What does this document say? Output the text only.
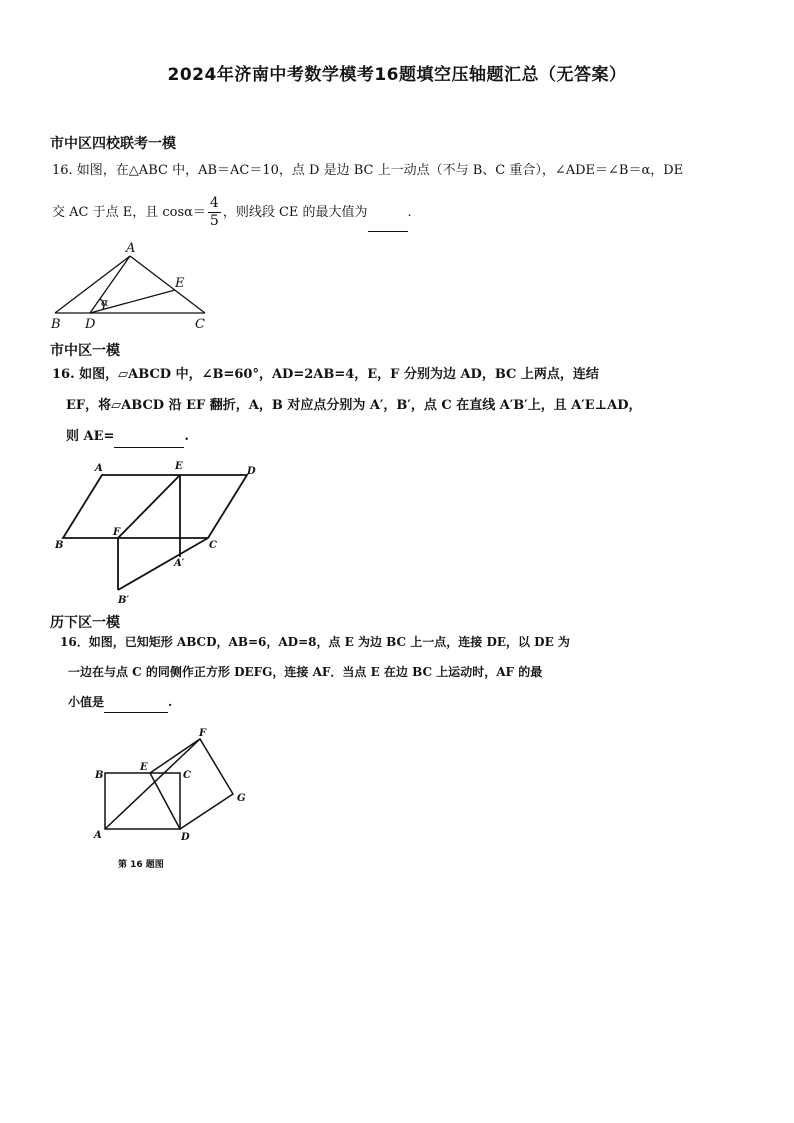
2024年济南中考数学模考16题填空压轴题汇总（无答案）
市中区四校联考一模
16. 如图，在△ABC 中，AB＝AC＝10，点 D 是边 BC 上一动点（不与 B、C 重合），∠ADE＝∠B＝α，DE
交 AC 于点 E，且 $\cos\alpha= \frac{4}{5}$ ，则线段 CE 的最大值为	.
A
B D	C
E
α
市中区一模
16. 如图，▱ABCD 中，∠B=60°，AD=2AB=4，E，F 分别为边 AD，BC 上两点，连结
EF，将▱ABCD 沿 EF 翻折，A，B 对应点分别为 A′，B′，点 C 在直线 A′B′上，且 A′E⊥AD，
则 AE=	.
A	E	D
B
F
C
A′
B′
历下区一模
16．如图，已知矩形 ABCD，AB=6，AD=8，点 E 为边 BC 上一点，连接 DE，以 DE 为
一边在与点 C 的同侧作正方形 DEFG，连接 AF．当点 E 在边 BC 上运动时，AF 的最
小值是	.
B
E
C
F
G
A	D
第 16 题图
